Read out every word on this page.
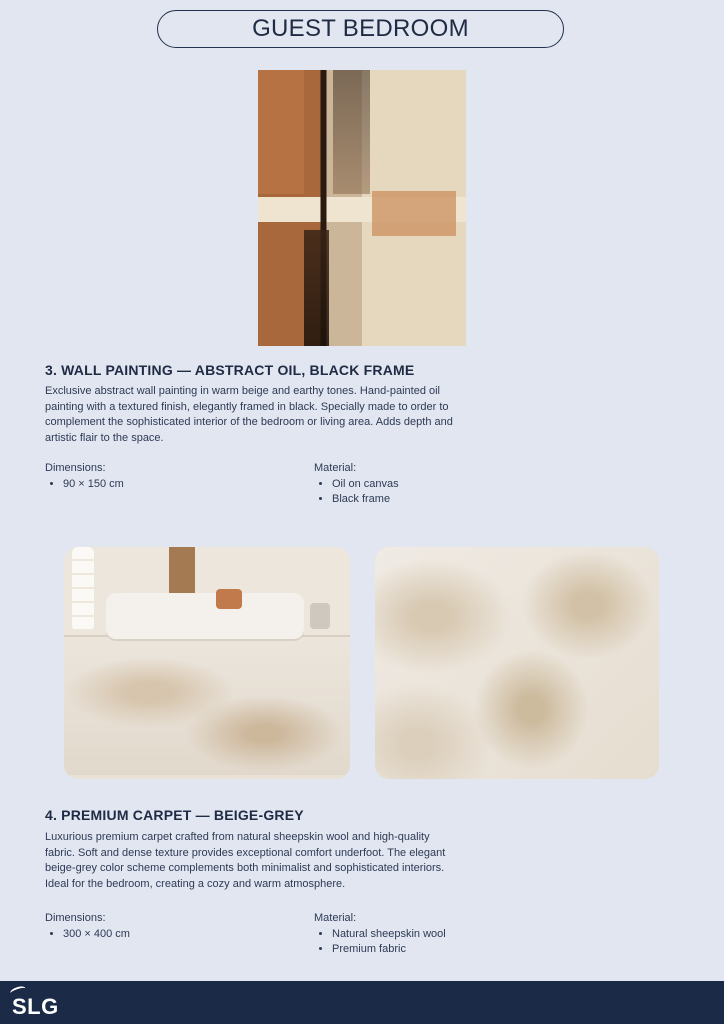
GUEST BEDROOM
3. WALL PAINTING — ABSTRACT OIL, BLACK FRAME
Exclusive abstract wall painting in warm beige and earthy tones. Hand-painted oil painting with a textured finish, elegantly framed in black. Specially made to order to complement the sophisticated interior of the bedroom or living area. Adds depth and artistic flair to the space.
Dimensions:
• 90 × 150 cm
Material:
• Oil on canvas
• Black frame
4. PREMIUM CARPET — BEIGE-GREY
Luxurious premium carpet crafted from natural sheepskin wool and high-quality fabric. Soft and dense texture provides exceptional comfort underfoot. The elegant beige-grey color scheme complements both minimalist and sophisticated interiors. Ideal for the bedroom, creating a cozy and warm atmosphere.
Dimensions:
• 300 × 400 cm
Material:
• Natural sheepskin wool
• Premium fabric
SLG
